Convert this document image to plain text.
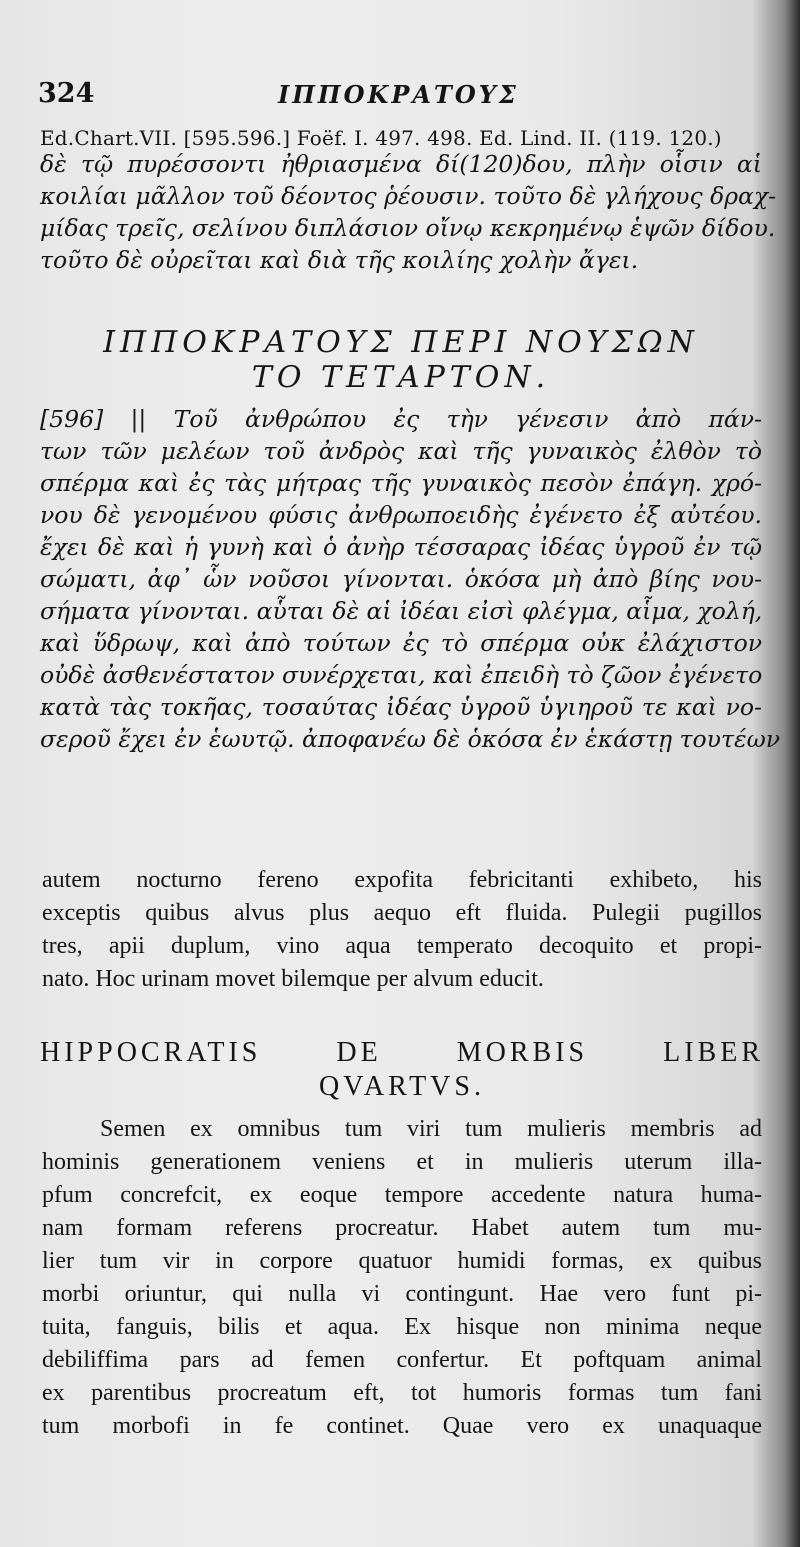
324	ΙΠΠΟΚΡΑΤΟΥΣ
Ed.Chart.VII. [595.596.] Foëf. I. 497. 498. Ed. Lind. II. (119. 120.)
δὲ τῷ πυρέσσοντι ἠθριασμένα δί(120)δου, πλὴν οἷσιν αἱ
κοιλίαι μᾶλλον τοῦ δέοντος ῥέουσιν. τοῦτο δὲ γλήχους δραχ-
μίδας τρεῖς, σελίνου διπλάσιον οἴνῳ κεκρημένῳ ἑψῶν δίδου.
τοῦτο δὲ οὐρεῖται καὶ διὰ τῆς κοιλίης χολὴν ἄγει.
ΙΠΠΟΚΡΑΤΟΥΣ ΠΕΡΙ ΝΟΥΣΩΝ
ΤΟ ΤΕΤΑΡΤΟΝ.
[596] || Τοῦ ἀνθρώπου ἐς τὴν γένεσιν ἀπὸ πάν-
των τῶν μελέων τοῦ ἀνδρὸς καὶ τῆς γυναικὸς ἐλθὸν τὸ
σπέρμα καὶ ἐς τὰς μήτρας τῆς γυναικὸς πεσὸν ἐπάγη. χρό-
νου δὲ γενομένου φύσις ἀνθρωποειδὴς ἐγένετο ἐξ αὐτέου.
ἔχει δὲ καὶ ἡ γυνὴ καὶ ὁ ἀνὴρ τέσσαρας ἰδέας ὑγροῦ ἐν τῷ
σώματι, ἀφ᾿ ὧν νοῦσοι γίνονται. ὁκόσα μὴ ἀπὸ βίης νου-
σήματα γίνονται. αὗται δὲ αἱ ἰδέαι εἰσὶ φλέγμα, αἷμα, χολή,
καὶ ὕδρωψ, καὶ ἀπὸ τούτων ἐς τὸ σπέρμα οὐκ ἐλάχιστον
οὐδὲ ἀσθενέστατον συνέρχεται, καὶ ἐπειδὴ τὸ ζῶον ἐγένετο
κατὰ τὰς τοκῆας, τοσαύτας ἰδέας ὑγροῦ ὑγιηροῦ τε καὶ νο-
σεροῦ ἔχει ἐν ἑωυτῷ. ἀποφανέω δὲ ὁκόσα ἐν ἑκάστῃ τουτέων
autem nocturno fereno expofita febricitanti exhibeto, his
exceptis quibus alvus plus aequo eft fluida. Pulegii pugillos
tres, apii duplum, vino aqua temperato decoquito et propi-
nato. Hoc urinam movet bilemque per alvum educit.
HIPPOCRATIS DE MORBIS LIBER
QVARTVS.
Semen ex omnibus tum viri tum mulieris membris ad
hominis generationem veniens et in mulieris uterum illa-
pfum concrefcit, ex eoque tempore accedente natura huma-
nam formam referens procreatur. Habet autem tum mu-
lier tum vir in corpore quatuor humidi formas, ex quibus
morbi oriuntur, qui nulla vi contingunt. Hae vero funt pi-
tuita, fanguis, bilis et aqua. Ex hisque non minima neque
debiliffima pars ad femen confertur. Et poftquam animal
ex parentibus procreatum eft, tot humoris formas tum fani
tum morbofi in fe continet. Quae vero ex unaquaque
